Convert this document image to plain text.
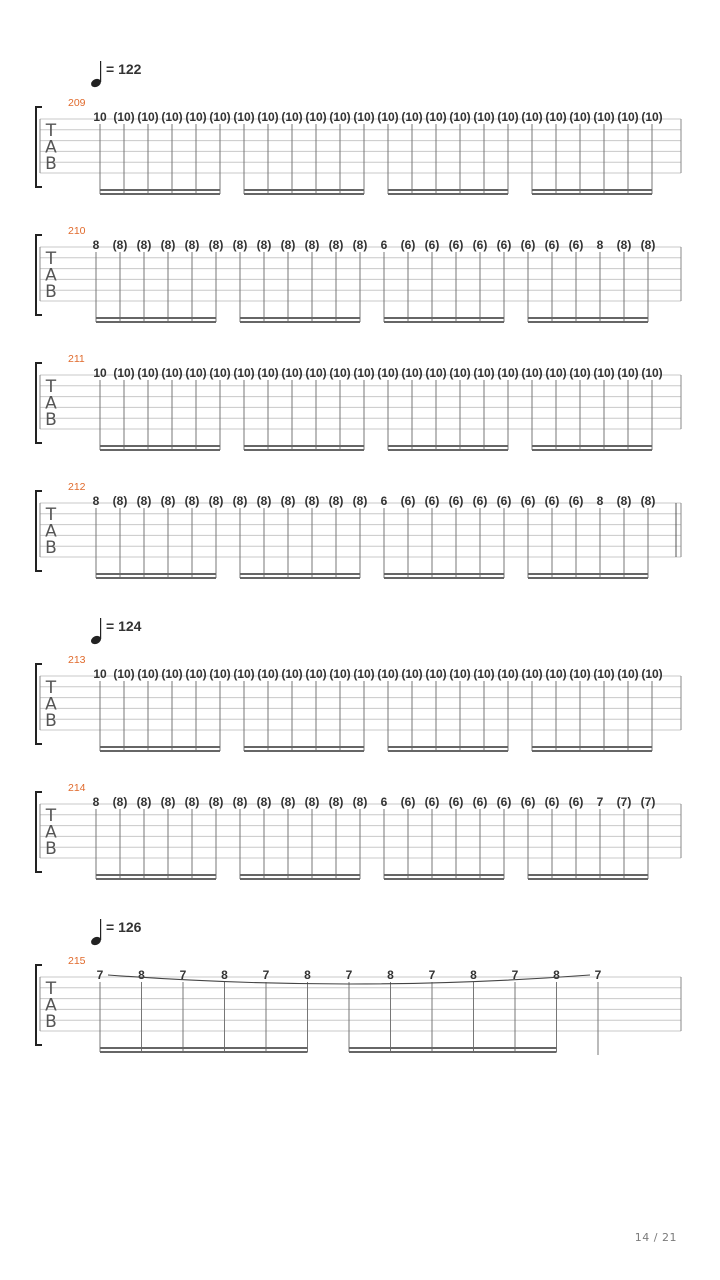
= 122
T
A
B
209
10 (10) (10) (10) (10) (10) (10) (10) (10) (10) (10) (10) (10) (10) (10) (10) (10) (10) (10) (10) (10) (10) (10) (10)
T
A
B
210
8 (8) (8) (8) (8) (8) (8) (8) (8) (8) (8) (8) 6 (6) (6) (6) (6) (6) (6) (6) (6) 8 (8) (8)
T
A
B
211
10 (10) (10) (10) (10) (10) (10) (10) (10) (10) (10) (10) (10) (10) (10) (10) (10) (10) (10) (10) (10) (10) (10) (10)
T
A
B
212
8 (8) (8) (8) (8) (8) (8) (8) (8) (8) (8) (8) 6 (6) (6) (6) (6) (6) (6) (6) (6) 8 (8) (8)
= 124
T
A
B
213
10 (10) (10) (10) (10) (10) (10) (10) (10) (10) (10) (10) (10) (10) (10) (10) (10) (10) (10) (10) (10) (10) (10) (10)
T
A
B
214
8 (8) (8) (8) (8) (8) (8) (8) (8) (8) (8) (8) 6 (6) (6) (6) (6) (6) (6) (6) (6) 7 (7) (7)
= 126
T
A
B
215
7	8	7	8	7	8	7	8	7	8	7	8	7
14 / 21
